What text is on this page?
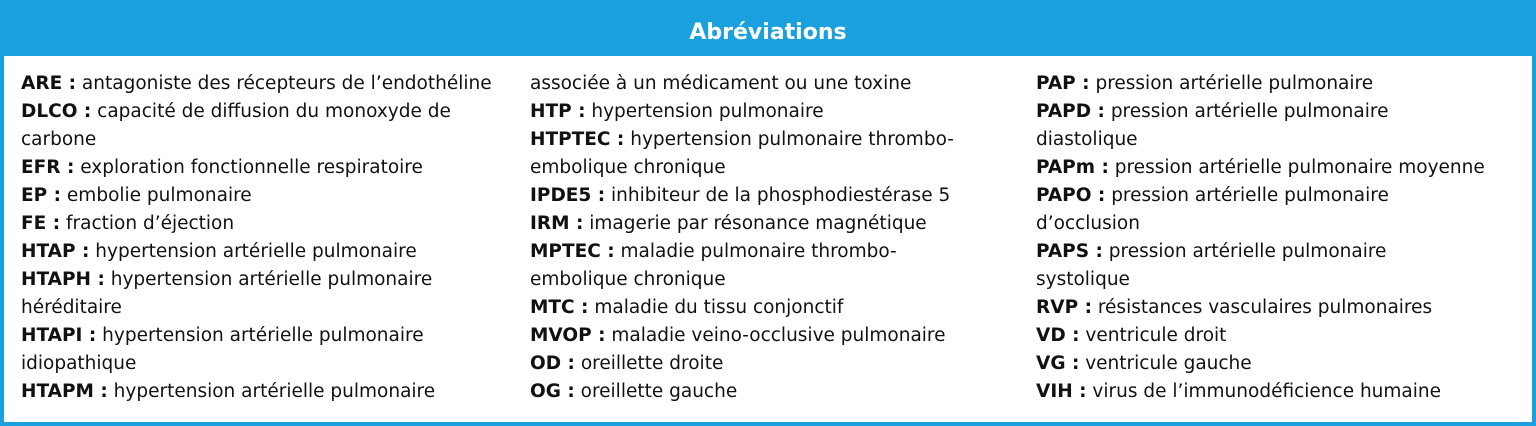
Abréviations
ARE : antagoniste des récepteurs de l’endothéline
DLCO : capacité de diffusion du monoxyde de
carbone
EFR : exploration fonctionnelle respiratoire
EP : embolie pulmonaire
FE : fraction d’éjection
HTAP : hypertension artérielle pulmonaire
HTAPH : hypertension artérielle pulmonaire
héréditaire
HTAPI : hypertension artérielle pulmonaire
idiopathique
HTAPM : hypertension artérielle pulmonaire
associée à un médicament ou une toxine
HTP : hypertension pulmonaire
HTPTEC : hypertension pulmonaire thrombo-
embolique chronique
IPDE5 : inhibiteur de la phosphodiestérase 5
IRM : imagerie par résonance magnétique
MPTEC : maladie pulmonaire thrombo-
embolique chronique
MTC : maladie du tissu conjonctif
MVOP : maladie veino-occlusive pulmonaire
OD : oreillette droite
OG : oreillette gauche
PAP : pression artérielle pulmonaire
PAPD : pression artérielle pulmonaire
diastolique
PAPm : pression artérielle pulmonaire moyenne
PAPO : pression artérielle pulmonaire
d’occlusion
PAPS : pression artérielle pulmonaire
systolique
RVP : résistances vasculaires pulmonaires
VD : ventricule droit
VG : ventricule gauche
VIH : virus de l’immunodéficience humaine
